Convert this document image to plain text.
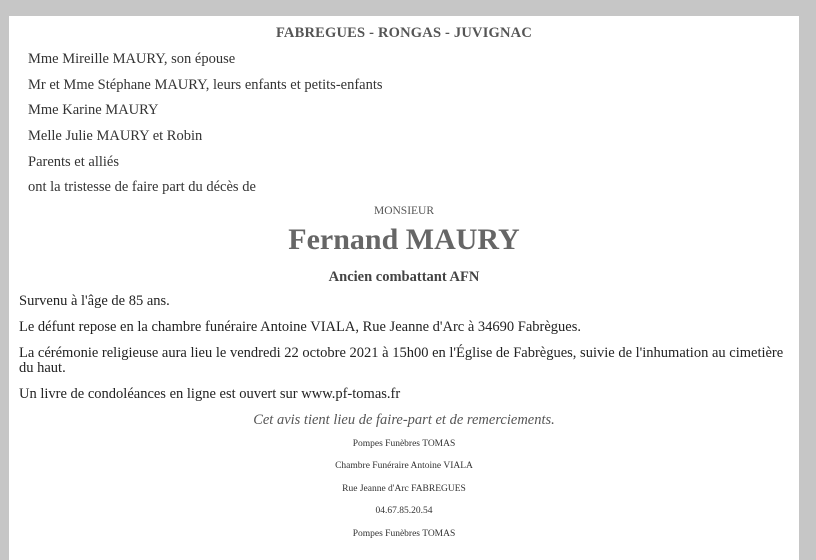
FABREGUES - RONGAS - JUVIGNAC
Mme Mireille MAURY, son épouse
Mr et Mme Stéphane MAURY, leurs enfants et petits-enfants
Mme Karine MAURY
Melle Julie MAURY et Robin
Parents et alliés
ont la tristesse de faire part du décès de
MONSIEUR
Fernand MAURY
Ancien combattant AFN
Survenu à l'âge de 85 ans.
Le défunt repose en la chambre funéraire Antoine VIALA, Rue Jeanne d'Arc à 34690 Fabrègues.
La cérémonie religieuse aura lieu le vendredi 22 octobre 2021 à 15h00 en l'Église de Fabrègues, suivie de l'inhumation au cimetière du haut.
Un livre de condoléances en ligne est ouvert sur www.pf-tomas.fr
Cet avis tient lieu de faire-part et de remerciements.
Pompes Funèbres TOMAS
Chambre Funéraire Antoine VIALA
Rue Jeanne d'Arc FABREGUES
04.67.85.20.54
Pompes Funèbres TOMAS
